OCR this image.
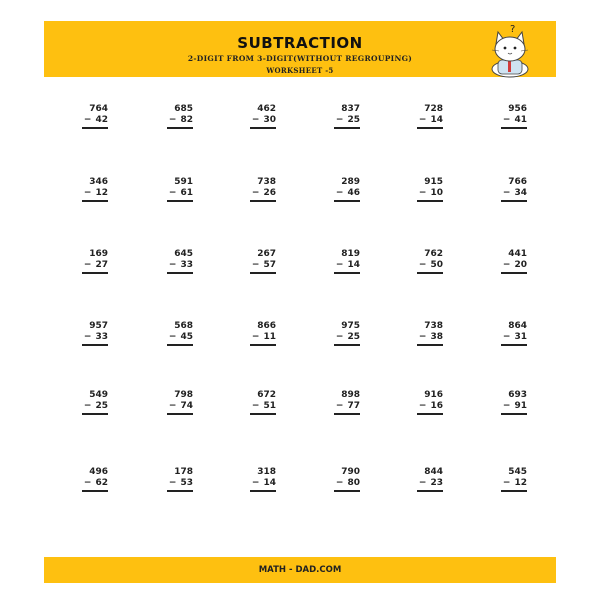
SUBTRACTION
2-DIGIT FROM 3-DIGIT(WITHOUT REGROUPING)
WORKSHEET -5
?
764
− 42
685
− 82
462
− 30
837
− 25
728
− 14
956
− 41
346
− 12
591
− 61
738
− 26
289
− 46
915
− 10
766
− 34
169
− 27
645
− 33
267
− 57
819
− 14
762
− 50
441
− 20
957
− 33
568
− 45
866
− 11
975
− 25
738
− 38
864
− 31
549
− 25
798
− 74
672
− 51
898
− 77
916
− 16
693
− 91
496
− 62
178
− 53
318
− 14
790
− 80
844
− 23
545
− 12
MATH - DAD.COM
